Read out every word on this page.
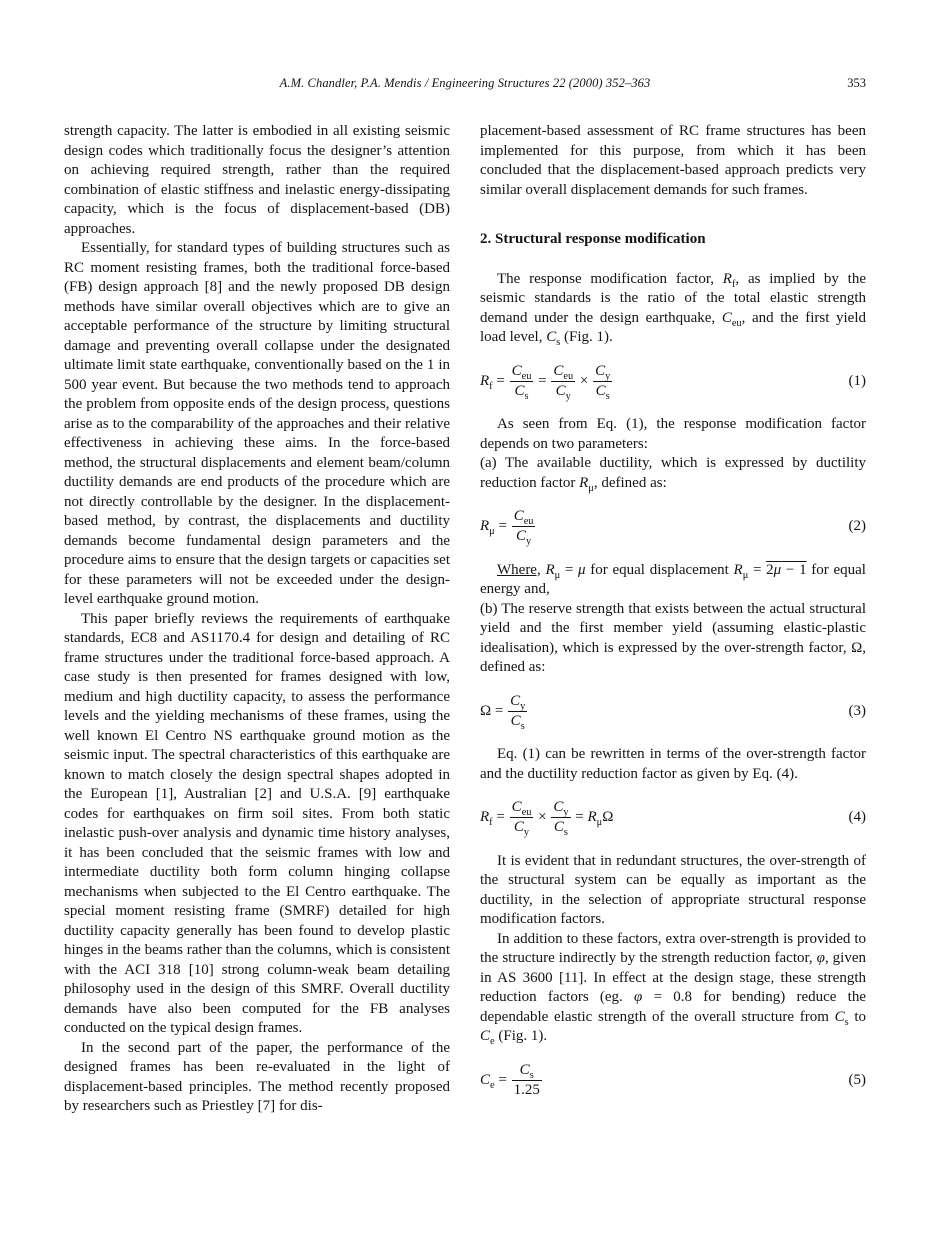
A.M. Chandler, P.A. Mendis / Engineering Structures 22 (2000) 352–363	353

strength capacity. The latter is embodied in all existing seismic design codes which traditionally focus the designer’s attention on achieving required strength, rather than the required combination of elastic stiffness and inelastic energy-dissipating capacity, which is the focus of displacement-based (DB) approaches.

Essentially, for standard types of building structures such as RC moment resisting frames, both the traditional force-based (FB) design approach [8] and the newly proposed DB design methods have similar overall objectives which are to give an acceptable performance of the structure by limiting structural damage and preventing overall collapse under the designated ultimate limit state earthquake, conventionally based on the 1 in 500 year event. But because the two methods tend to approach the problem from opposite ends of the design process, questions arise as to the comparability of the approaches and their relative effectiveness in achieving these aims. In the force-based method, the structural displacements and element beam/column ductility demands are end products of the procedure which are not directly controllable by the designer. In the displacement-based method, by contrast, the displacements and ductility demands become fundamental design parameters and the procedure aims to ensure that the design targets or capacities set for these parameters will not be exceeded under the design-level earthquake ground motion.

This paper briefly reviews the requirements of earthquake standards, EC8 and AS1170.4 for design and detailing of RC frame structures under the traditional force-based approach. A case study is then presented for frames designed with low, medium and high ductility capacity, to assess the performance levels and the yielding mechanisms of these frames, using the well known El Centro NS earthquake ground motion as the seismic input. The spectral characteristics of this earthquake are known to match closely the design spectral shapes adopted in the European [1], Australian [2] and U.S.A. [9] earthquake codes for earthquakes on firm soil sites. From both static inelastic push-over analysis and dynamic time history analyses, it has been concluded that the seismic frames with low and intermediate ductility both form column hinging collapse mechanisms when subjected to the El Centro earthquake. The special moment resisting frame (SMRF) detailed for high ductility capacity generally has been found to develop plastic hinges in the beams rather than the columns, which is consistent with the ACI 318 [10] strong column-weak beam detailing philosophy used in the design of this SMRF. Overall ductility demands have also been computed for the FB analyses conducted on the typical design frames.

In the second part of the paper, the performance of the designed frames has been re-evaluated in the light of displacement-based principles. The method recently proposed by researchers such as Priestley [7] for dis-

placement-based assessment of RC frame structures has been implemented for this purpose, from which it has been concluded that the displacement-based approach predicts very similar overall displacement demands for such frames.

2. Structural response modification

The response modification factor, $R_f$, as implied by the seismic standards is the ratio of the total elastic strength demand under the design earthquake, $C_{eu}$, and the first yield load level, $C_s$ (Fig. 1).

$R_f = \frac{C_{eu}}{C_s} = \frac{C_{eu}}{C_y} \times \frac{C_y}{C_s}$	(1)

As seen from Eq. (1), the response modification factor depends on two parameters:

(a) The available ductility, which is expressed by ductility reduction factor $R_\mu$, defined as:

$R_\mu = \frac{C_{eu}}{C_y}$	(2)

Where, $R_\mu = \mu$ for equal displacement $R_\mu = 2\mu - 1$ for equal energy and,

(b) The reserve strength that exists between the actual structural yield and the first member yield (assuming elastic-plastic idealisation), which is expressed by the over-strength factor, Ω, defined as:

$\Omega = \frac{C_y}{C_s}$	(3)

Eq. (1) can be rewritten in terms of the over-strength factor and the ductility reduction factor as given by Eq. (4).

$R_f = \frac{C_{eu}}{C_y} \times \frac{C_y}{C_s} = R_\mu\Omega$	(4)

It is evident that in redundant structures, the over-strength of the structural system can be equally as important as the ductility, in the selection of appropriate structural response modification factors.

In addition to these factors, extra over-strength is provided to the structure indirectly by the strength reduction factor, φ, given in AS 3600 [11]. In effect at the design stage, these strength reduction factors (eg. φ = 0.8 for bending) reduce the dependable elastic strength of the overall structure from $C_s$ to $C_e$ (Fig. 1).

$C_e = \frac{C_s}{1.25}$	(5)
